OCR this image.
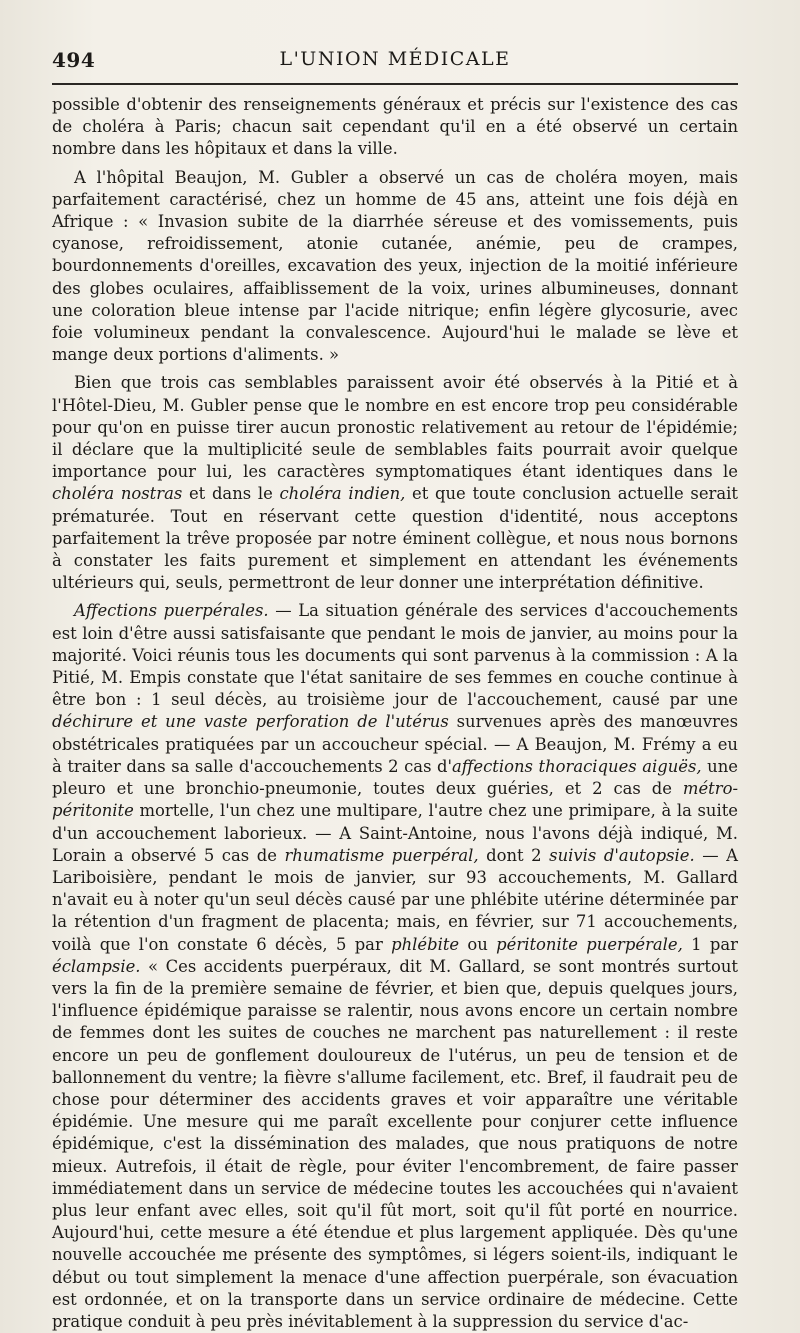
494	L'UNION MÉDICALE

possible d'obtenir des renseignements généraux et précis sur l'existence des cas de choléra à Paris; chacun sait cependant qu'il en a été observé un certain nombre dans les hôpitaux et dans la ville.

A l'hôpital Beaujon, M. Gubler a observé un cas de choléra moyen, mais parfaitement caractérisé, chez un homme de 45 ans, atteint une fois déjà en Afrique : « Invasion subite de la diarrhée séreuse et des vomissements, puis cyanose, refroidissement, atonie cutanée, anémie, peu de crampes, bourdonnements d'oreilles, excavation des yeux, injection de la moitié inférieure des globes oculaires, affaiblissement de la voix, urines albumineuses, donnant une coloration bleue intense par l'acide nitrique; enfin légère glycosurie, avec foie volumineux pendant la convalescence. Aujourd'hui le malade se lève et mange deux portions d'aliments. »

Bien que trois cas semblables paraissent avoir été observés à la Pitié et à l'Hôtel-Dieu, M. Gubler pense que le nombre en est encore trop peu considérable pour qu'on en puisse tirer aucun pronostic relativement au retour de l'épidémie; il déclare que la multiplicité seule de semblables faits pourrait avoir quelque importance pour lui, les caractères symptomatiques étant identiques dans le choléra nostras et dans le choléra indien, et que toute conclusion actuelle serait prématurée. Tout en réservant cette question d'identité, nous acceptons parfaitement la trêve proposée par notre éminent collègue, et nous nous bornons à constater les faits purement et simplement en attendant les événements ultérieurs qui, seuls, permettront de leur donner une interprétation définitive.

Affections puerpérales. — La situation générale des services d'accouchements est loin d'être aussi satisfaisante que pendant le mois de janvier, au moins pour la majorité. Voici réunis tous les documents qui sont parvenus à la commission : A la Pitié, M. Empis constate que l'état sanitaire de ses femmes en couche continue à être bon : 1 seul décès, au troisième jour de l'accouchement, causé par une déchirure et une vaste perforation de l'utérus survenues après des manœuvres obstétricales pratiquées par un accoucheur spécial. — A Beaujon, M. Frémy a eu à traiter dans sa salle d'accouchements 2 cas d'affections thoraciques aiguës, une pleuro et une bronchio-pneumonie, toutes deux guéries, et 2 cas de métro-péritonite mortelle, l'un chez une multipare, l'autre chez une primipare, à la suite d'un accouchement laborieux. — A Saint-Antoine, nous l'avons déjà indiqué, M. Lorain a observé 5 cas de rhumatisme puerpéral, dont 2 suivis d'autopsie. — A Lariboisière, pendant le mois de janvier, sur 93 accouchements, M. Gallard n'avait eu à noter qu'un seul décès causé par une phlébite utérine déterminée par la rétention d'un fragment de placenta; mais, en février, sur 71 accouchements, voilà que l'on constate 6 décès, 5 par phlébite ou péritonite puerpérale, 1 par éclampsie. « Ces accidents puerpéraux, dit M. Gallard, se sont montrés surtout vers la fin de la première semaine de février, et bien que, depuis quelques jours, l'influence épidémique paraisse se ralentir, nous avons encore un certain nombre de femmes dont les suites de couches ne marchent pas naturellement : il reste encore un peu de gonflement douloureux de l'utérus, un peu de tension et de ballonnement du ventre; la fièvre s'allume facilement, etc. Bref, il faudrait peu de chose pour déterminer des accidents graves et voir apparaître une véritable épidémie. Une mesure qui me paraît excellente pour conjurer cette influence épidémique, c'est la dissémination des malades, que nous pratiquons de notre mieux. Autrefois, il était de règle, pour éviter l'encombrement, de faire passer immédiatement dans un service de médecine toutes les accouchées qui n'avaient plus leur enfant avec elles, soit qu'il fût mort, soit qu'il fût porté en nourrice. Aujourd'hui, cette mesure a été étendue et plus largement appliquée. Dès qu'une nouvelle accouchée me présente des symptômes, si légers soient-ils, indiquant le début ou tout simplement la menace d'une affection puerpérale, son évacuation est ordonnée, et on la transporte dans un service ordinaire de médecine. Cette pratique conduit à peu près inévitablement à la suppression du service d'ac-
